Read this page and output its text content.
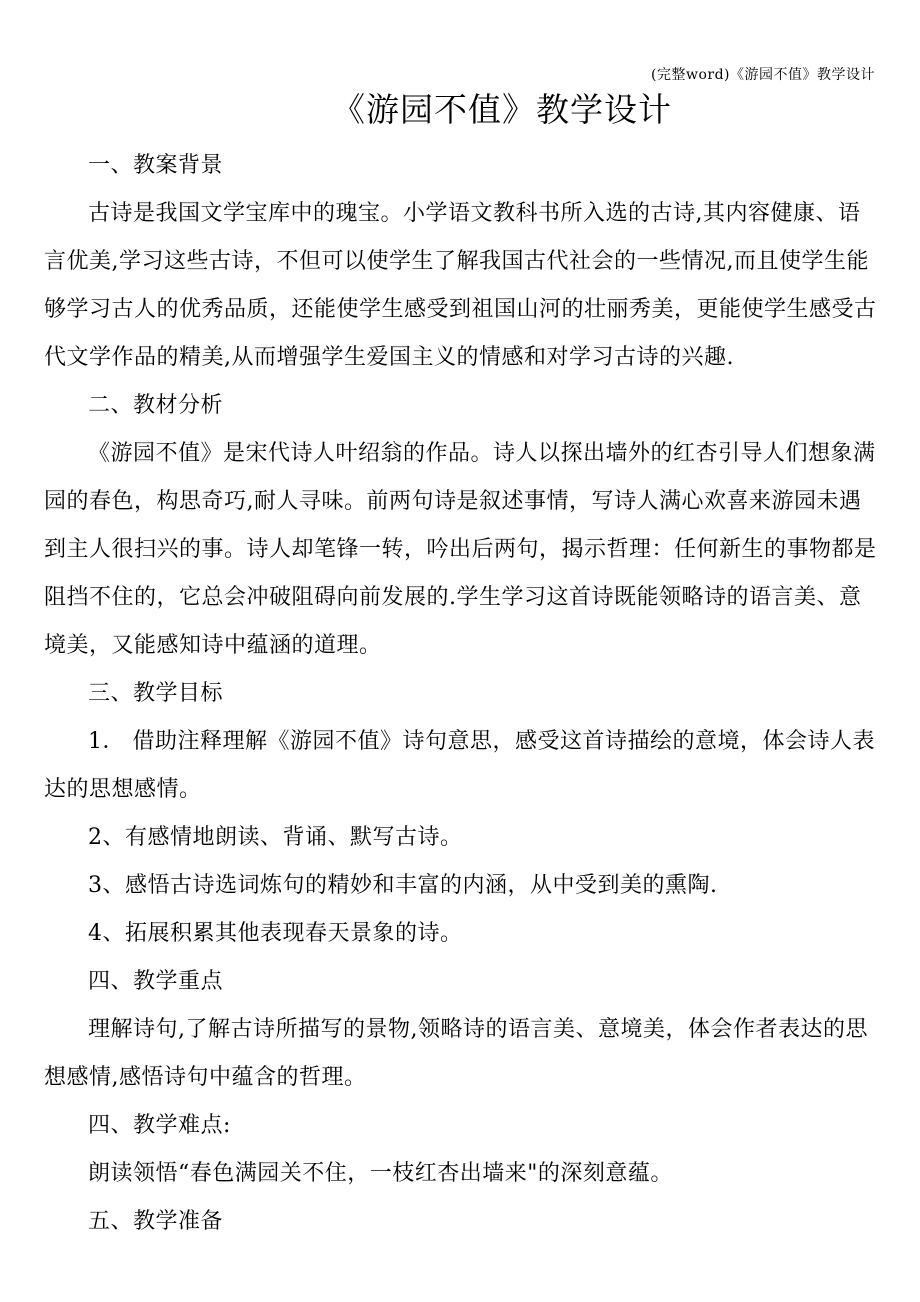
(完整word)《游园不值》教学设计
《游园不值》教学设计

一、教案背景

古诗是我国文学宝库中的瑰宝。小学语文教科书所入选的古诗,其内容健康、语言优美,学习这些古诗，不但可以使学生了解我国古代社会的一些情况,而且使学生能够学习古人的优秀品质，还能使学生感受到祖国山河的壮丽秀美，更能使学生感受古代文学作品的精美,从而增强学生爱国主义的情感和对学习古诗的兴趣.

二、教材分析

《游园不值》是宋代诗人叶绍翁的作品。诗人以探出墙外的红杏引导人们想象满园的春色，构思奇巧,耐人寻味。前两句诗是叙述事情，写诗人满心欢喜来游园未遇到主人很扫兴的事。诗人却笔锋一转，吟出后两句，揭示哲理：任何新生的事物都是阻挡不住的，它总会冲破阻碍向前发展的.学生学习这首诗既能领略诗的语言美、意境美，又能感知诗中蕴涵的道理。

三、教学目标

1． 借助注释理解《游园不值》诗句意思，感受这首诗描绘的意境，体会诗人表达的思想感情。

2、有感情地朗读、背诵、默写古诗。

3、感悟古诗选词炼句的精妙和丰富的内涵，从中受到美的熏陶.

4、拓展积累其他表现春天景象的诗。

四、教学重点

理解诗句,了解古诗所描写的景物,领略诗的语言美、意境美，体会作者表达的思想感情,感悟诗句中蕴含的哲理。

四、教学难点:

朗读领悟“春色满园关不住，一枝红杏出墙来"的深刻意蕴。

五、教学准备
